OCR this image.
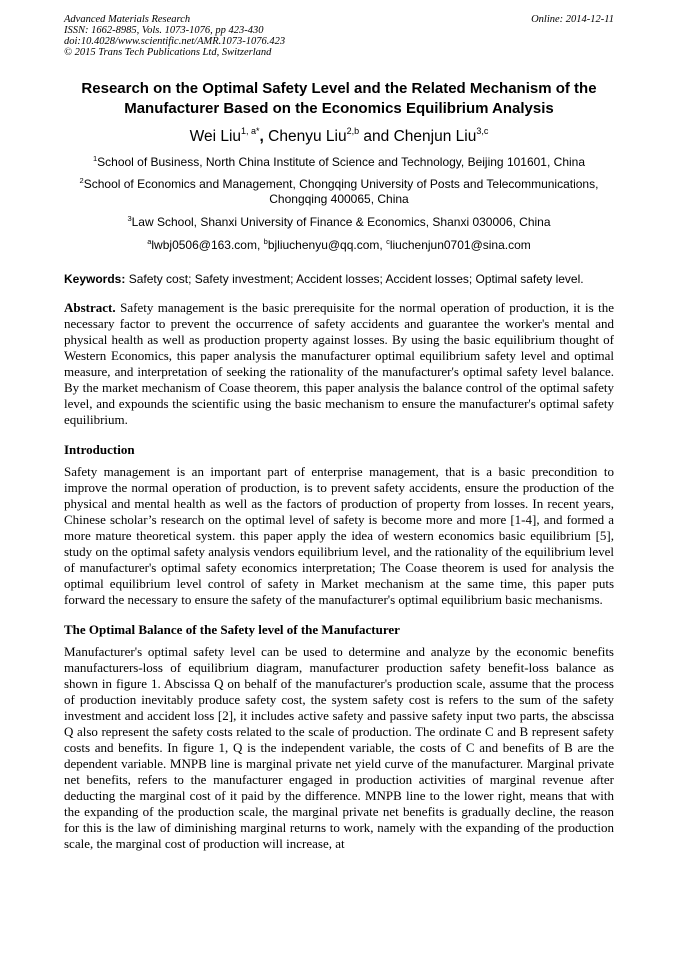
Advanced Materials Research
ISSN: 1662-8985, Vols. 1073-1076, pp 423-430
doi:10.4028/www.scientific.net/AMR.1073-1076.423
© 2015 Trans Tech Publications Ltd, Switzerland
Online: 2014-12-11
Research on the Optimal Safety Level and the Related Mechanism of the
Manufacturer Based on the Economics Equilibrium Analysis
Wei Liu$^{1, a*}$, Chenyu Liu$^{2,b}$ and Chenjun Liu$^{3,c}$
$^1$School of Business, North China Institute of Science and Technology, Beijing 101601, China
$^2$School of Economics and Management, Chongqing University of Posts and Telecommunications,
Chongqing 400065, China
$^3$Law School, Shanxi University of Finance & Economics, Shanxi 030006, China
$^a$lwbj0506@163.com, $^b$bjliuchenyu@qq.com, $^c$liuchenjun0701@sina.com
Keywords: Safety cost; Safety investment; Accident losses; Accident losses; Optimal safety level.
Abstract. Safety management is the basic prerequisite for the normal operation of production, it is the necessary factor to prevent the occurrence of safety accidents and guarantee the worker's mental and physical health as well as production property against losses. By using the basic equilibrium thought of Western Economics, this paper analysis the manufacturer optimal equilibrium safety level and optimal measure, and interpretation of seeking the rationality of the manufacturer's optimal safety level balance. By the market mechanism of Coase theorem, this paper analysis the balance control of the optimal safety level, and expounds the scientific using the basic mechanism to ensure the manufacturer's optimal safety equilibrium.
Introduction
Safety management is an important part of enterprise management, that is a basic precondition to improve the normal operation of production, is to prevent safety accidents, ensure the production of the physical and mental health as well as the factors of production of property from losses. In recent years, Chinese scholar’s research on the optimal level of safety is become more and more [1-4], and formed a more mature theoretical system. this paper apply the idea of western economics basic equilibrium [5], study on the optimal safety analysis vendors equilibrium level, and the rationality of the equilibrium level of manufacturer's optimal safety economics interpretation; The Coase theorem is used for analysis the optimal equilibrium level control of safety in Market mechanism at the same time, this paper puts forward the necessary to ensure the safety of the manufacturer's optimal equilibrium basic mechanisms.
The Optimal Balance of the Safety level of the Manufacturer
Manufacturer's optimal safety level can be used to determine and analyze by the economic benefits manufacturers-loss of equilibrium diagram, manufacturer production safety benefit-loss balance as shown in figure 1. Abscissa Q on behalf of the manufacturer's production scale, assume that the process of production inevitably produce safety cost, the system safety cost is refers to the sum of the safety investment and accident loss [2], it includes active safety and passive safety input two parts, the abscissa Q also represent the safety costs related to the scale of production. The ordinate C and B represent safety costs and benefits. In figure 1, Q is the independent variable, the costs of C and benefits of B are the dependent variable. MNPB line is marginal private net yield curve of the manufacturer. Marginal private net benefits, refers to the manufacturer engaged in production activities of marginal revenue after deducting the marginal cost of it paid by the difference. MNPB line to the lower right, means that with the expanding of the production scale, the marginal private net benefits is gradually decline, the reason for this is the law of diminishing marginal returns to work, namely with the expanding of the production scale, the marginal cost of production will increase, at
